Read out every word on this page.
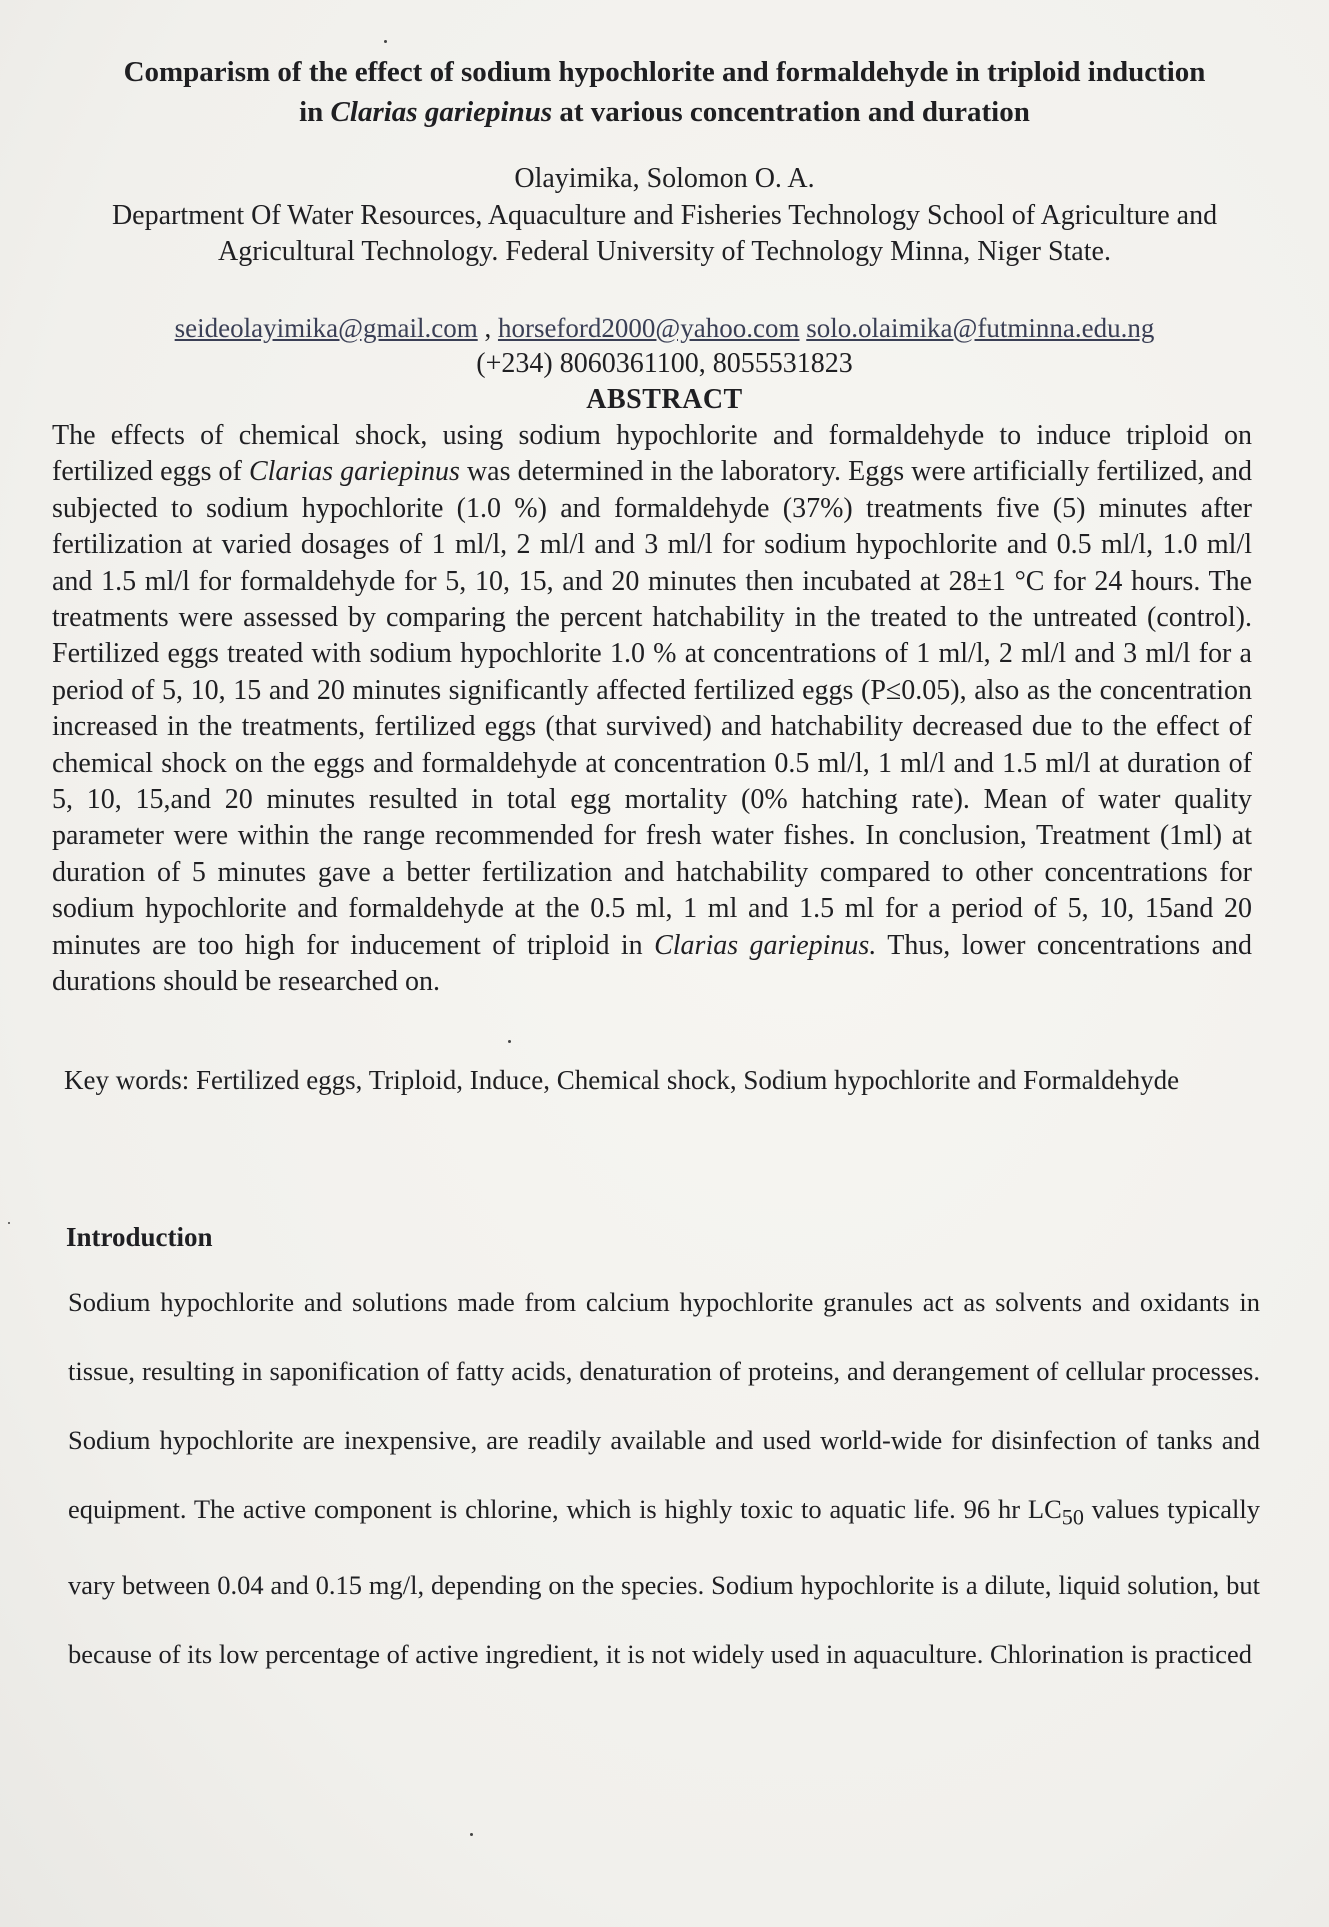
Comparism of the effect of sodium hypochlorite and formaldehyde in triploid induction
in Clarias gariepinus at various concentration and duration
Olayimika, Solomon O. A.
Department Of Water Resources, Aquaculture and Fisheries Technology School of Agriculture and Agricultural Technology. Federal University of Technology Minna, Niger State.
seideolayimika@gmail.com , horseford2000@yahoo.com solo.olaimika@futminna.edu.ng
(+234) 8060361100, 8055531823
ABSTRACT

The effects of chemical shock, using sodium hypochlorite and formaldehyde to induce triploid on fertilized eggs of Clarias gariepinus was determined in the laboratory. Eggs were artificially fertilized, and subjected to sodium hypochlorite (1.0 %) and formaldehyde (37%) treatments five (5) minutes after fertilization at varied dosages of 1 ml/l, 2 ml/l and 3 ml/l for sodium hypochlorite and 0.5 ml/l, 1.0 ml/l and 1.5 ml/l for formaldehyde for 5, 10, 15, and 20 minutes then incubated at 28±1 °C for 24 hours. The treatments were assessed by comparing the percent hatchability in the treated to the untreated (control). Fertilized eggs treated with sodium hypochlorite 1.0 % at concentrations of 1 ml/l, 2 ml/l and 3 ml/l for a period of 5, 10, 15 and 20 minutes significantly affected fertilized eggs (P≤0.05), also as the concentration increased in the treatments, fertilized eggs (that survived) and hatchability decreased due to the effect of chemical shock on the eggs and formaldehyde at concentration 0.5 ml/l, 1 ml/l and 1.5 ml/l at duration of 5, 10, 15,and 20 minutes resulted in total egg mortality (0% hatching rate). Mean of water quality parameter were within the range recommended for fresh water fishes. In conclusion, Treatment (1ml) at duration of 5 minutes gave a better fertilization and hatchability compared to other concentrations for sodium hypochlorite and formaldehyde at the 0.5 ml, 1 ml and 1.5 ml for a period of 5, 10, 15and 20 minutes are too high for inducement of triploid in Clarias gariepinus. Thus, lower concentrations and durations should be researched on.

Key words: Fertilized eggs, Triploid, Induce, Chemical shock, Sodium hypochlorite and Formaldehyde

Introduction

Sodium hypochlorite and solutions made from calcium hypochlorite granules act as solvents and oxidants in tissue, resulting in saponification of fatty acids, denaturation of proteins, and derangement of cellular processes. Sodium hypochlorite are inexpensive, are readily available and used world-wide for disinfection of tanks and equipment. The active component is chlorine, which is highly toxic to aquatic life. 96 hr $LC_{50}$ values typically vary between 0.04 and 0.15 mg/l, depending on the species. Sodium hypochlorite is a dilute, liquid solution, but because of its low percentage of active ingredient, it is not widely used in aquaculture. Chlorination is practiced
